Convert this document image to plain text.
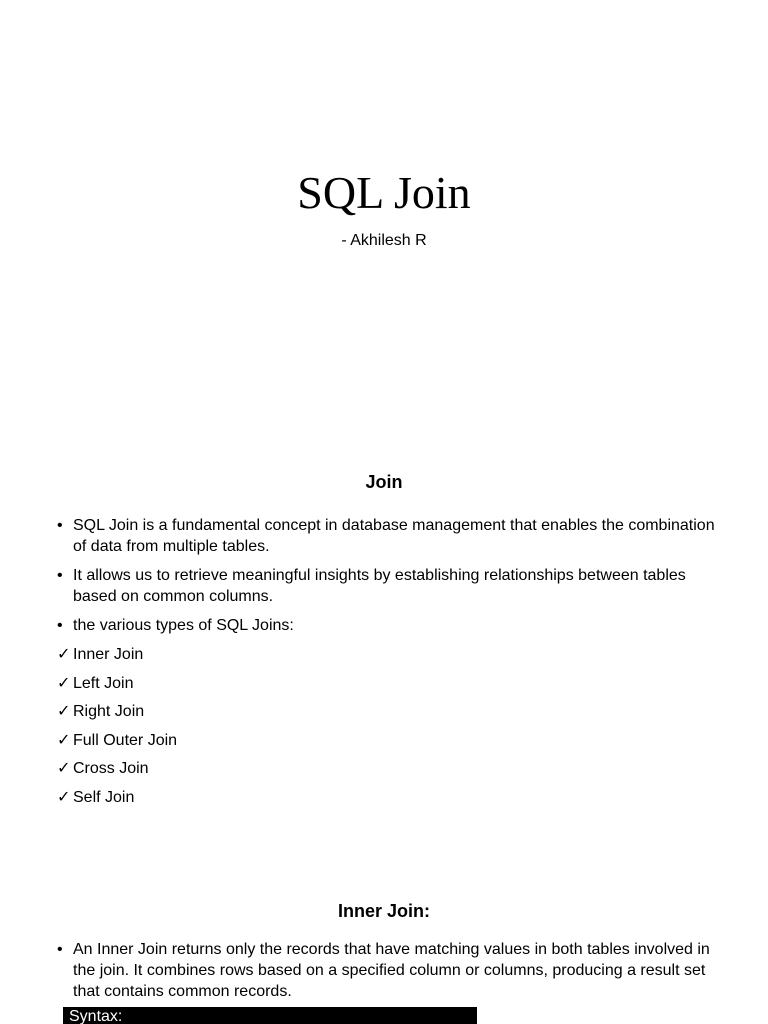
SQL Join
- Akhilesh R
Join
• SQL Join is a fundamental concept in database management that enables the combination of data from multiple tables.
• It allows us to retrieve meaningful insights by establishing relationships between tables based on common columns.
• the various types of SQL Joins:
✓ Inner Join
✓ Left Join
✓ Right Join
✓ Full Outer Join
✓ Cross Join
✓ Self Join
Inner Join:
• An Inner Join returns only the records that have matching values in both tables involved in the join. It combines rows based on a specified column or columns, producing a result set that contains common records.
Syntax:
